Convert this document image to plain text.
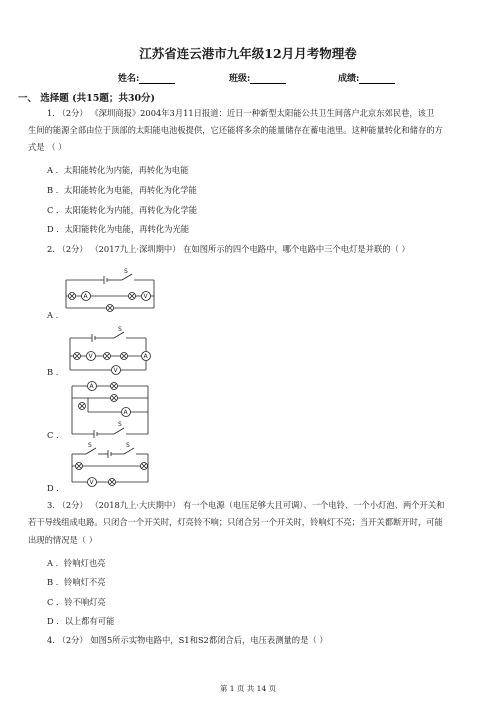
江苏省连云港市九年级12月月考物理卷
姓名:	班级:	成绩:
一、 选择题 (共15题；共30分)
1. （2分） 《深圳商报》2004年3月11日报道：近日一种新型太阳能公共卫生间落户北京东郊民巷，该卫
生间的能源全部由位于顶部的太阳能电池板提供，它还能将多余的能量储存在蓄电池里。这种能量转化和储存的方
式是 （ ）
A ．太阳能转化为内能，再转化为电能
B ．太阳能转化为电能，再转化为化学能
C ．太阳能转化为内能，再转化为化学能
D ．太阳能转化为电能，再转化为光能
2. （2分） （2017九上·深圳期中） 在如图所示的四个电路中，哪个电路中三个电灯是并联的（ ）
S
A	V
A .
S
V	A
V
B .
A
A
S
C .
S	S
V
D .
3. （2分） （2018九上·大庆期中） 有一个电源（电压足够大且可调）、一个电铃、一个小灯泡、两个开关和
若干导线组成电路。只闭合一个开关时，灯亮铃不响；只闭合另一个开关时，铃响灯不亮；当开关都断开时，可能
出现的情况是（ ）
A ．铃响灯也亮
B ．铃响灯不亮
C ．铃不响灯亮
D ．以上都有可能
4. （2分） 如图5所示实物电路中，S1和S2都闭合后，电压表测量的是（ ）
第 1 页 共 14 页
